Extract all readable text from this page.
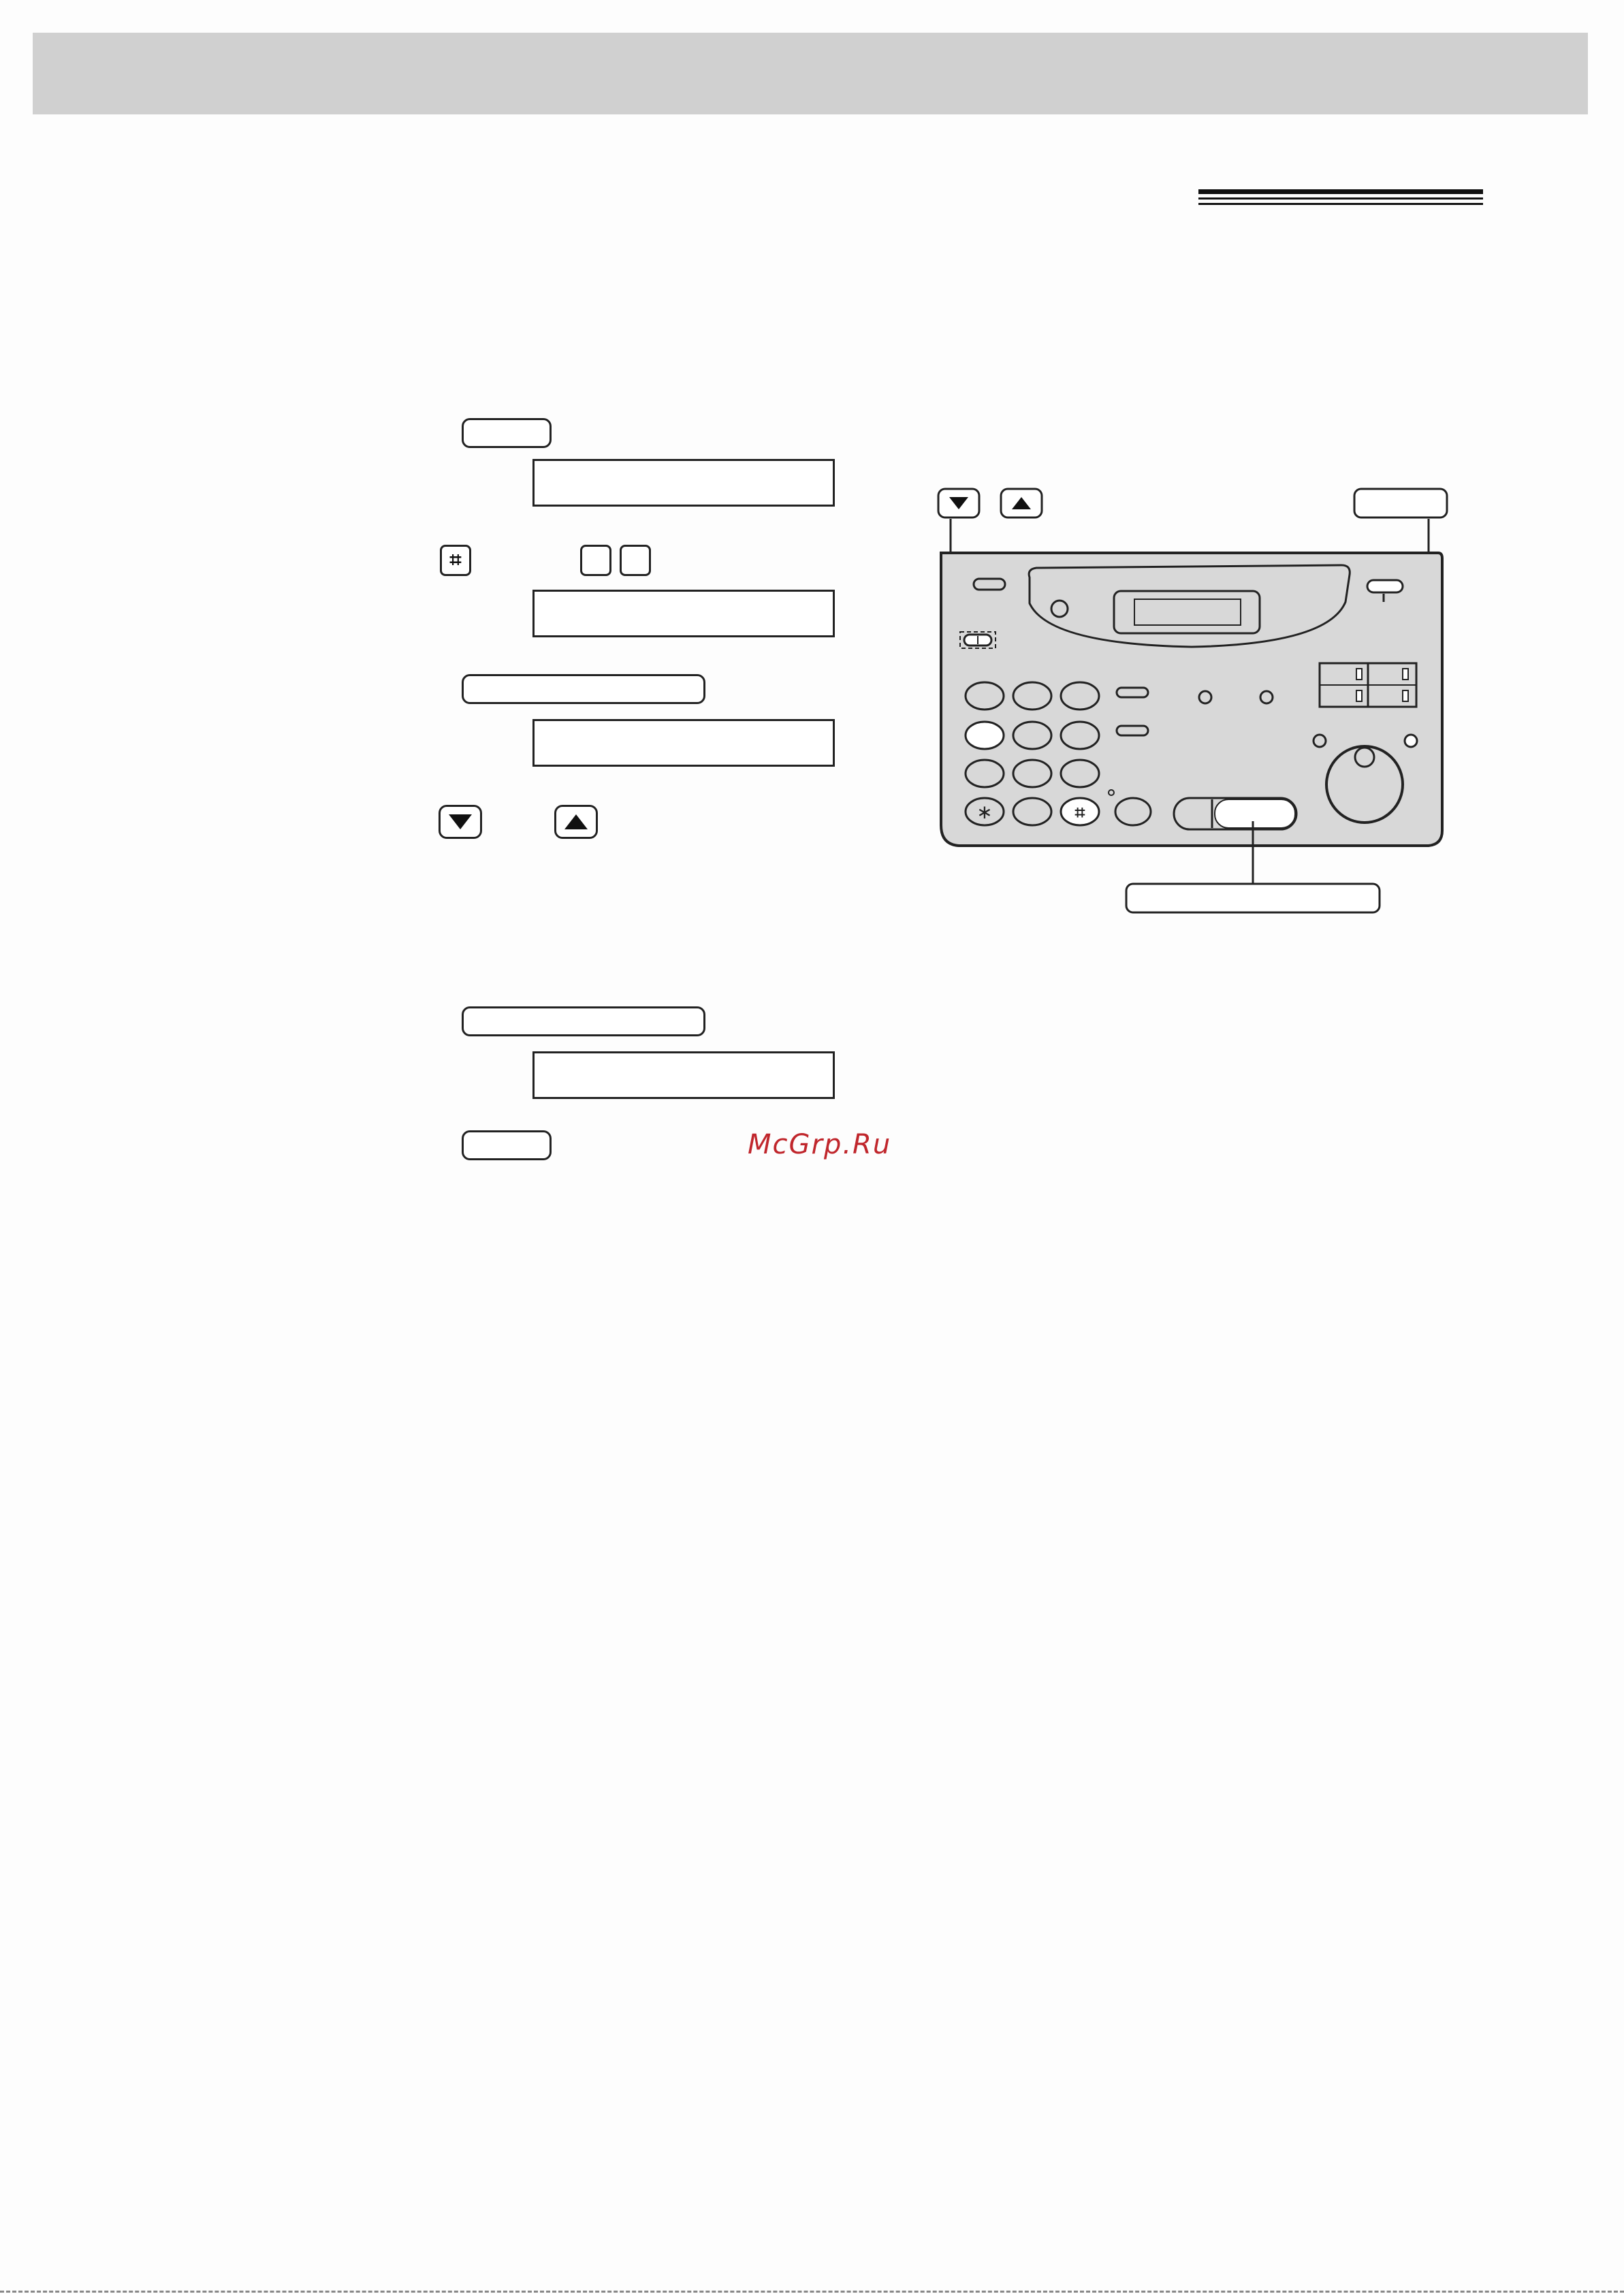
⌗
McGrp.Ru
∗	⌗
